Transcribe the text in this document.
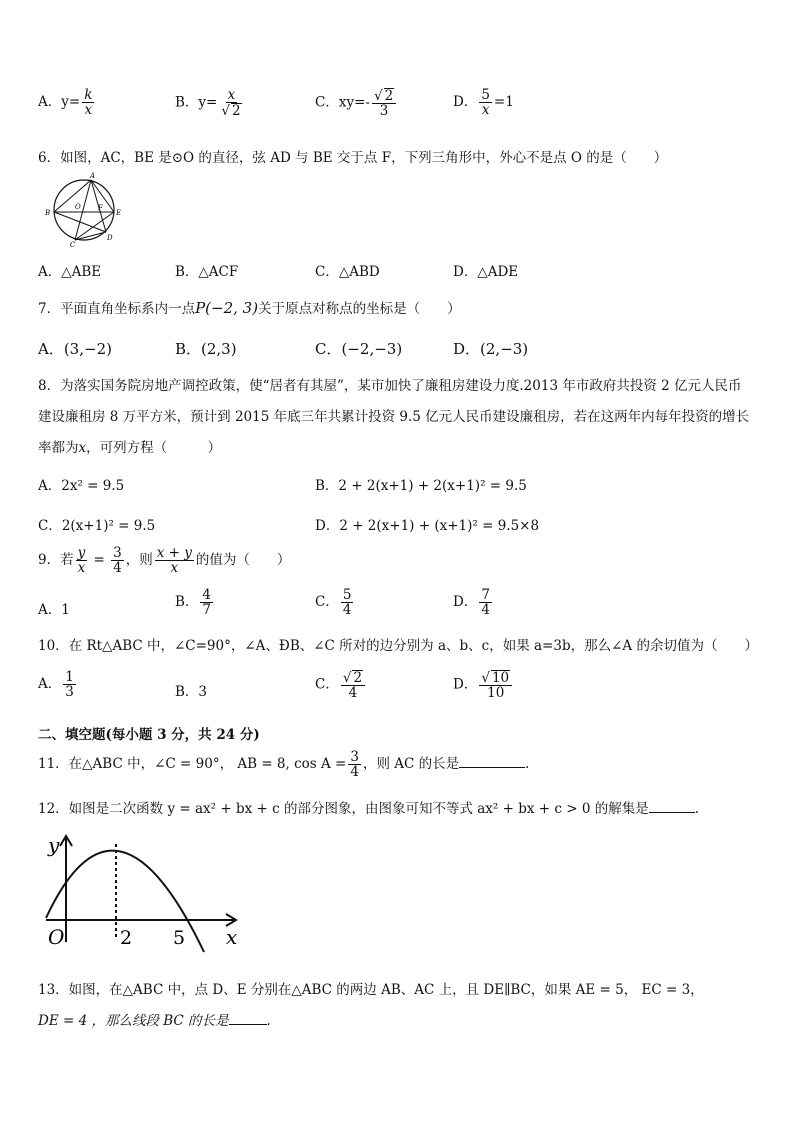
A．$y= \frac{k}{x}$	B．$y= \frac{x}{√ 2}$	C．$xy=- \frac{√ 2}{3}$	D． $\frac{5}{x} =1$
6．如图，AC，BE 是⊙O 的直径，弦 AD 与 BE 交于点 F，下列三角形中，外心不是点 O 的是（　　）
A
B	E
C
D
O F
A．△ABE	B．△ACF	C．△ABD	D．△ADE
7．平面直角坐标系内一点P(−2, 3)关于原点对称点的坐标是（　　）
A．(3,−2)	B．(2,3)	C．(−2,−3)	D．(2,−3)
8．为落实国务院房地产调控政策，使“居者有其屋”，某市加快了廉租房建设力度.2013 年市政府共投资 2 亿元人民币
建设廉租房 8 万平方米，预计到 2015 年底三年共累计投资 9.5 亿元人民币建设廉租房，若在这两年内每年投资的增长
率都为x，可列方程（　　　）
A．2x² = 9.5	B．2 + 2(x+1) + 2(x+1)² = 9.5
C．2(x+1)² = 9.5	D．2 + 2(x+1) + (x+1)² = 9.5×8
9．若 $\frac{y}{x} = \frac{3}{4}$ ，则 $\frac{x + y}{x}$ 的值为（　　）
A．1	B． $\frac{4}{7}$	C． $\frac{5}{4}$	D． $\frac{7}{4}$
10．在 Rt△ABC 中，∠C=90°，∠A、ÐB、∠C 所对的边分别为 a、b、c，如果 a=3b，那么∠A 的余切值为（　　）
A． $\frac{1}{3}$	B．3	C． $\frac{√ 2}{4}$	D． $\frac{√ 10}{10}$
二、填空题(每小题 3 分，共 24 分)
11．在△ABC 中，∠C = 90°， AB = 8, $\cos A = \frac{3}{4}$ ，则 AC 的长是	.
12．如图是二次函数 y = ax² + bx + c 的部分图象，由图象可知不等式 ax² + bx + c > 0 的解集是	.
y
x
O	2 5
13．如图，在△ABC 中，点 D、E 分别在△ABC 的两边 AB、AC 上，且 DE∥BC，如果 AE = 5， EC = 3，
DE = 4 ，那么线段 BC 的长是	.
